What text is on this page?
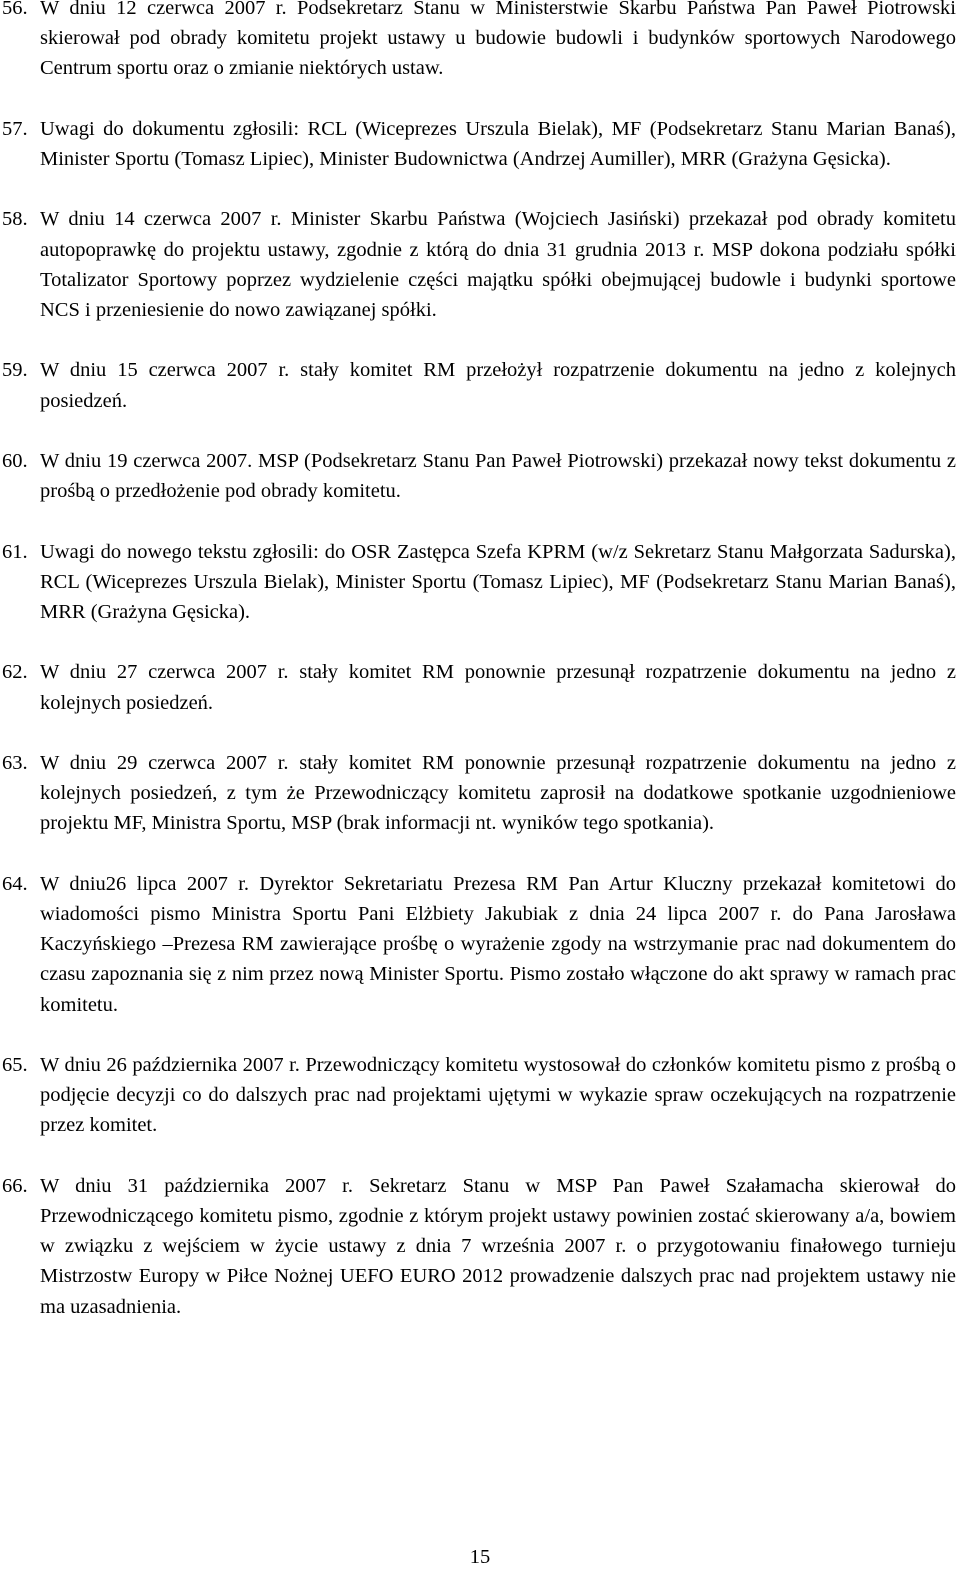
56. W dniu 12 czerwca 2007 r. Podsekretarz Stanu w Ministerstwie Skarbu Państwa Pan Paweł Piotrowski skierował pod obrady komitetu projekt ustawy u budowie budowli i budynków sportowych Narodowego Centrum sportu oraz o zmianie niektórych ustaw.
57. Uwagi do dokumentu zgłosili: RCL (Wiceprezes Urszula Bielak), MF (Podsekretarz Stanu Marian Banaś), Minister Sportu (Tomasz Lipiec), Minister Budownictwa (Andrzej Aumiller), MRR (Grażyna Gęsicka).
58. W dniu 14 czerwca 2007 r. Minister Skarbu Państwa (Wojciech Jasiński) przekazał pod obrady komitetu autopoprawkę do projektu ustawy, zgodnie z którą do dnia 31 grudnia 2013 r. MSP dokona podziału spółki Totalizator Sportowy poprzez wydzielenie części majątku spółki obejmującej budowle i budynki sportowe NCS i przeniesienie do nowo zawiązanej spółki.
59. W dniu 15 czerwca 2007 r. stały komitet RM przełożył rozpatrzenie dokumentu na jedno z kolejnych posiedzeń.
60. W dniu 19 czerwca 2007. MSP (Podsekretarz Stanu Pan Paweł Piotrowski) przekazał nowy tekst dokumentu z prośbą o przedłożenie pod obrady komitetu.
61. Uwagi do nowego tekstu zgłosili: do OSR Zastępca Szefa KPRM (w/z Sekretarz Stanu Małgorzata Sadurska), RCL (Wiceprezes Urszula Bielak), Minister Sportu (Tomasz Lipiec), MF (Podsekretarz Stanu Marian Banaś), MRR (Grażyna Gęsicka).
62. W dniu 27 czerwca 2007 r. stały komitet RM ponownie przesunął rozpatrzenie dokumentu na jedno z kolejnych posiedzeń.
63. W dniu 29 czerwca 2007 r. stały komitet RM ponownie przesunął rozpatrzenie dokumentu na jedno z kolejnych posiedzeń, z tym że Przewodniczący komitetu zaprosił na dodatkowe spotkanie uzgodnieniowe projektu MF, Ministra Sportu, MSP (brak informacji nt. wyników tego spotkania).
64. W dniu26 lipca 2007 r. Dyrektor Sekretariatu Prezesa RM Pan Artur Kluczny przekazał komitetowi do wiadomości pismo Ministra Sportu Pani Elżbiety Jakubiak z dnia 24 lipca 2007 r. do Pana Jarosława Kaczyńskiego –Prezesa RM zawierające prośbę o wyrażenie zgody na wstrzymanie prac nad dokumentem do czasu zapoznania się z nim przez nową Minister Sportu. Pismo zostało włączone do akt sprawy w ramach prac komitetu.
65. W dniu 26 października 2007 r. Przewodniczący komitetu wystosował do członków komitetu pismo z prośbą o podjęcie decyzji co do dalszych prac nad projektami ujętymi w wykazie spraw oczekujących na rozpatrzenie przez komitet.
66. W dniu 31 października 2007 r. Sekretarz Stanu w MSP Pan Paweł Szałamacha skierował do Przewodniczącego komitetu pismo, zgodnie z którym projekt ustawy powinien zostać skierowany a/a, bowiem w związku z wejściem w życie ustawy z dnia 7 września 2007 r. o przygotowaniu finałowego turnieju Mistrzostw Europy w Piłce Nożnej UEFO EURO 2012 prowadzenie dalszych prac nad projektem ustawy nie ma uzasadnienia.
15
